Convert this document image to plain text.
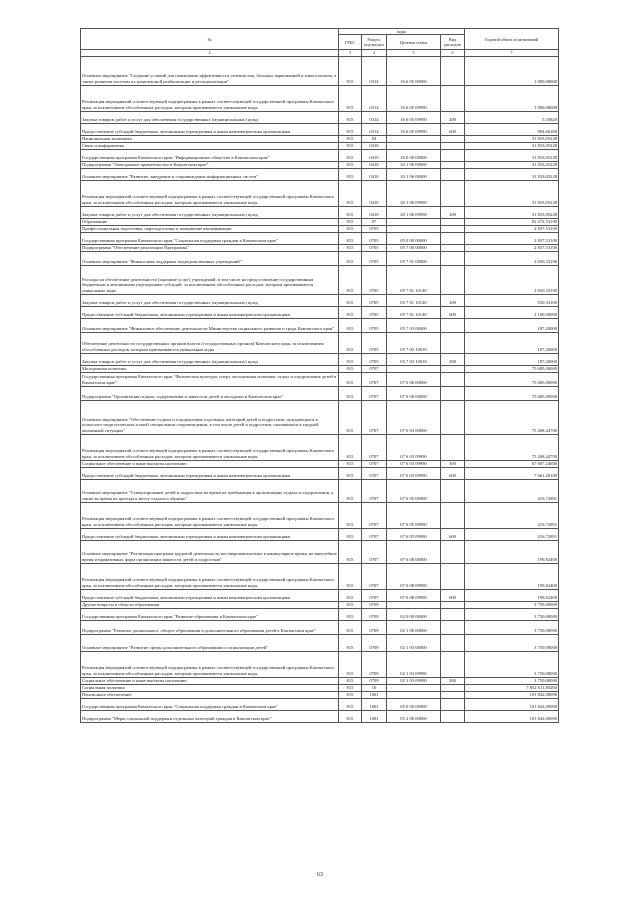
№	коды				Годовой объем ассигнований
	ГРБС	Раздел, под-раздел	Целевая статья	Вид расходов	
2	3	4	5	6	7
Основное мероприятие "Создание условий для повышения эффективности лечения лиц, больных наркоманией и алкоголизмом, а также развития системы их комплексной реабилитации и ресоциализации"	815	0314	16 6 05 00000		1 000,00000
Реализация мероприятий соответствующей подпрограммы в рамках соответствующей государственной программы Камчатского края, за исключением обособленных расходов, которым присваиваются уникальные коды	815	0314	16 6 05 09990		1 000,00000
Закупка товаров, работ и услуг для обеспечения государственных (муниципальных) нужд	815	0314	16 6 05 09990	200	5,33820
Предоставление субсидий бюджетным, автономным учреждениям и иным некоммерческим организациям	815	0314	16 6 05 09990	600	994,66180
Национальная экономика	815	04			31 833,05228
Связь и информатика	815	0410			31 833,05228
Государственная программа Камчатского края "Информационное общество в Камчатском крае"	815	0410	20 0 00 00000		31 833,05228
Подпрограмма "Электронное правительство в Камчатском крае"	815	0410	20 1 00 00000		31 833,05228
Основное мероприятие "Развитие, внедрение и сопровождение информационных систем"	815	0410	20 1 06 00000		31 833,05228
Реализация мероприятий соответствующей подпрограммы в рамках соответствующей государственной программы Камчатского края, за исключением обособленных расходов, которым присваиваются уникальные коды	815	0410	20 1 06 09990		31 833,05228
Закупка товаров, работ и услуг для обеспечения государственных (муниципальных) нужд	815	0410	20 1 06 09990	200	31 833,05228
Образование	815	07			82 272,53100
Профессиональная подготовка, переподготовка и повышение квалификации	815	0705			2 837,53100
Государственная программа Камчатского края "Социальная поддержка граждан в Камчатском крае"	815	0705	05 0 00 00000		2 837,53100
Подпрограмма "Обеспечение реализации Программы"	815	0705	05 7 00 00000		2 837,53100
Основное мероприятие "Финансовая поддержка подведомственных учреждений"	815	0705	05 7 01 00000		2 650,33100
Расходы на обеспечение деятельности (оказание услуг) учреждений, в том числе на предоставление государственным бюджетным и автономным учреждениям субсидий, за исключением обособленных расходов, которым присваиваются уникальные коды	815	0705	05 7 01 10140		2 650,33100
Закупка товаров, работ и услуг для обеспечения государственных (муниципальных) нужд	815	0705	05 7 01 10140	200	550,33100
Предоставление субсидий бюджетным, автономным учреждениям и иным некоммерческим организациям	815	0705	05 7 01 10140	600	2 100,00000
Основное мероприятие "Финансовое обеспечение деятельности Министерства социального развития и труда Камчатского края"	815	0705	05 7 03 00000		187,20000
Обеспечение деятельности государственных органов власти (государственных органов) Камчатского края, за исключением обособленных расходов, которым присваиваются уникальные коды	815	0705	05 7 03 10010		187,20000
Закупка товаров, работ и услуг для обеспечения государственных (муниципальных) нужд	815	0705	05 7 03 10010	200	187,20000
Молодежная политика	815	0707			75 685,00000
Государственная программа Камчатского края "Физическая культура, спорт, молодежная политика, отдых и оздоровление детей в Камчатском крае"	815	0707	07 0 00 00000		75 685,00000
Подпрограмма "Организация отдыха, оздоровления и занятости детей и молодежи в Камчатском крае"	815	0707	07 6 00 00000		75 685,00000
Основное мероприятие "Обеспечение отдыха и оздоровления отдельных категорий детей и подростков, нуждающихся в психолого-педагогическом и иной специальном сопровождении, в том числе детей и подростков, оказавшихся в трудной жизненной ситуации"	815	0707	07 6 03 00000		75 268,44700
Реализация мероприятий соответствующей подпрограммы в рамках соответствующей государственной программы Камчатского края, за исключением обособленных расходов, которым присваиваются уникальные коды	815	0707	07 6 03 09990		75 268,44700
Социальное обеспечение и иные выплаты населению	815	0707	07 6 03 09990	300	67 607,24600
Предоставление субсидий бюджетным, автономным учреждениям и иным некоммерческим организациям	815	0707	07 6 03 09990	600	7 661,20100
Основное мероприятие "Стимулирование детей и подростков во время их пребывания в организациях отдыха и оздоровления, а также во время их проезда к месту отдыха и обратно"	815	0707	07 6 05 00000		216,72891
Реализация мероприятий соответствующей подпрограммы в рамках соответствующей государственной программы Камчатского края, за исключением обособленных расходов, которым присваиваются уникальные коды	815	0707	07 6 05 09990		216,72891
Предоставление субсидий бюджетным, автономным учреждениям и иным некоммерческим организациям	815	0707	07 6 05 09990	600	216,72891
Основное мероприятие "Реализация программ трудовой деятельности несовершеннолетних в каникулярное время, во внеучебное время и вариативных форм организации занятости детей и подростков"	815	0707	07 6 08 00000		199,82400
Реализация мероприятий соответствующей подпрограммы в рамках соответствующей государственной программы Камчатского края, за исключением обособленных расходов, которым присваиваются уникальные коды	815	0707	07 6 08 09990		199,82400
Предоставление субсидий бюджетным, автономным учреждениям и иным некоммерческим организациям	815	0707	07 6 08 09990	600	199,82400
Другие вопросы в области образования	815	0709			3 750,00000
Государственная программа Камчатского края "Развитие образования в Камчатском крае"	815	0709	02 0 00 00000		3 750,00000
Подпрограмма "Развитие дошкольного, общего образования и дополнительного образования детей в Камчатском крае"	815	0709	02 1 00 00000		3 750,00000
Основное мероприятие "Развитие сферы дополнительного образования и социализации детей"	815	0709	02 1 03 00000		3 750,00000
Реализация мероприятий соответствующей подпрограммы в рамках соответствующей государственной программы Камчатского края, за исключением обособленных расходов, которым присваиваются уникальные коды	815	0709	02 1 03 09990		3 750,00000
Социальное обеспечение и иные выплаты населению	815	0709	02 1 03 09990	300	3 750,00000
Социальная политика	815	10			7 852 611,85260
Пенсионное обеспечение	815	1001			101 842,00000
Государственная программа Камчатского края "Социальная поддержка граждан в Камчатском крае"	815	1001	05 0 00 00000		101 842,00000
Подпрограмма "Меры социальной поддержки отдельных категорий граждан в Камчатском крае"	815	1001	05 2 00 00000		101 842,00000
63
